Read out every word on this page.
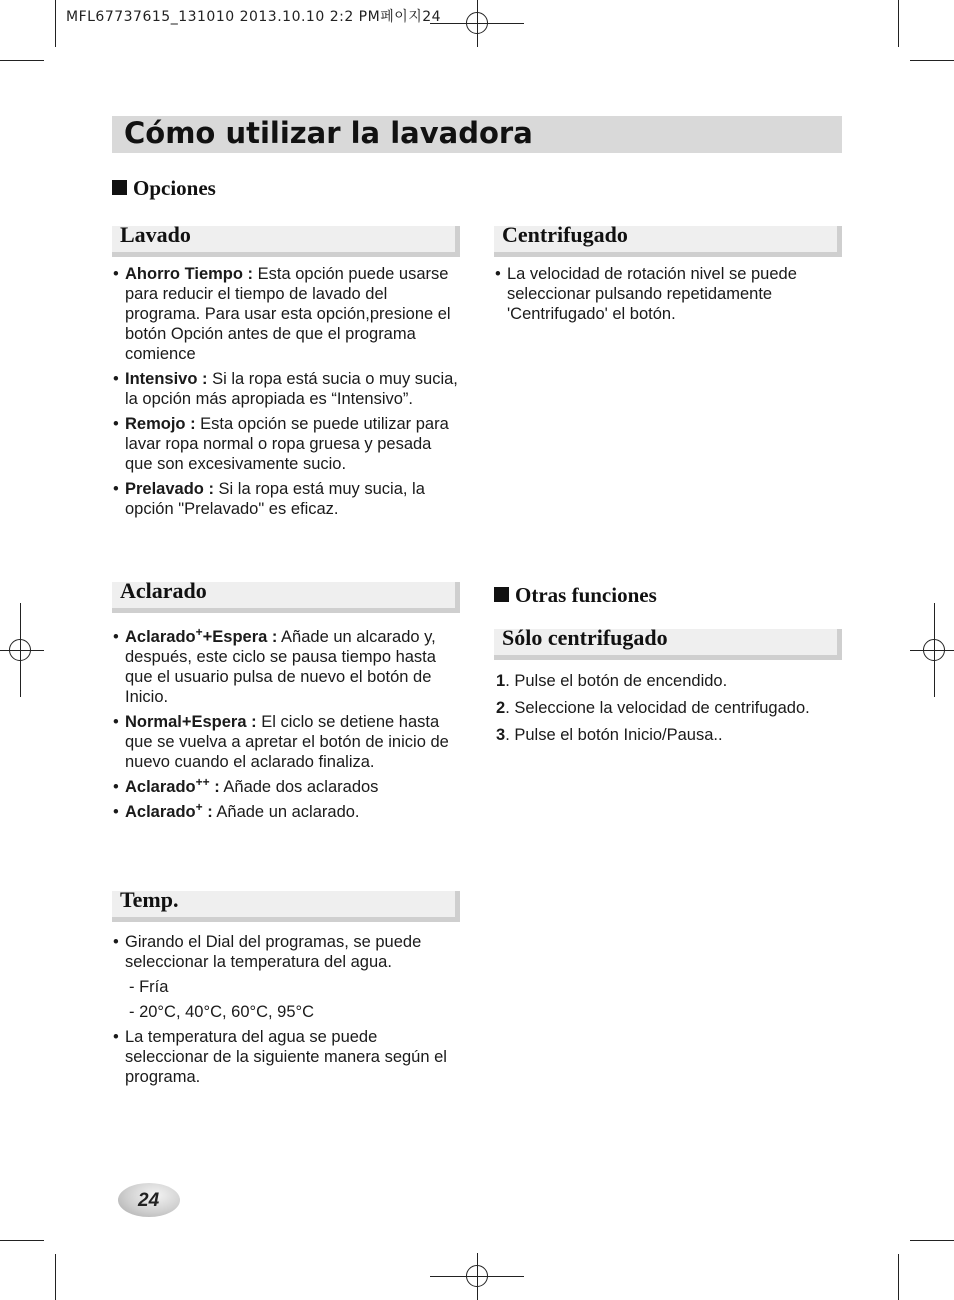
MFL67737615_131010 2013.10.10 2:2 PM페이지24
Cómo utilizar la lavadora
Opciones
Lavado
• Ahorro Tiempo : Esta opción puede usarse para reducir el tiempo de lavado del programa. Para usar esta opción,presione el botón Opción antes de que el programa comience
• Intensivo : Si la ropa está sucia o muy sucia, la opción más apropiada es “Intensivo”.
• Remojo : Esta opción se puede utilizar para lavar ropa normal o ropa gruesa y pesada que son excesivamente sucio.
• Prelavado : Si la ropa está muy sucia, la opción "Prelavado" es eficaz.
Centrifugado
• La velocidad de rotación nivel se puede seleccionar pulsando repetidamente 'Centrifugado' el botón.
Aclarado
• Aclarado++Espera : Añade un alcarado y, después, este ciclo se pausa tiempo hasta que el usuario pulsa de nuevo el botón de Inicio.
• Normal+Espera : El ciclo se detiene hasta que se vuelva a apretar el botón de inicio de nuevo cuando el aclarado finaliza.
• Aclarado++ : Añade dos aclarados
• Aclarado+ : Añade un aclarado.
Temp.
• Girando el Dial del programas, se puede seleccionar la temperatura del agua.
- Fría
- 20°C, 40°C, 60°C, 95°C
• La temperatura del agua se puede seleccionar de la siguiente manera según el programa.
Otras funciones
Sólo centrifugado
1. Pulse el botón de encendido.
2. Seleccione la velocidad de centrifugado.
3. Pulse el botón Inicio/Pausa..
24
